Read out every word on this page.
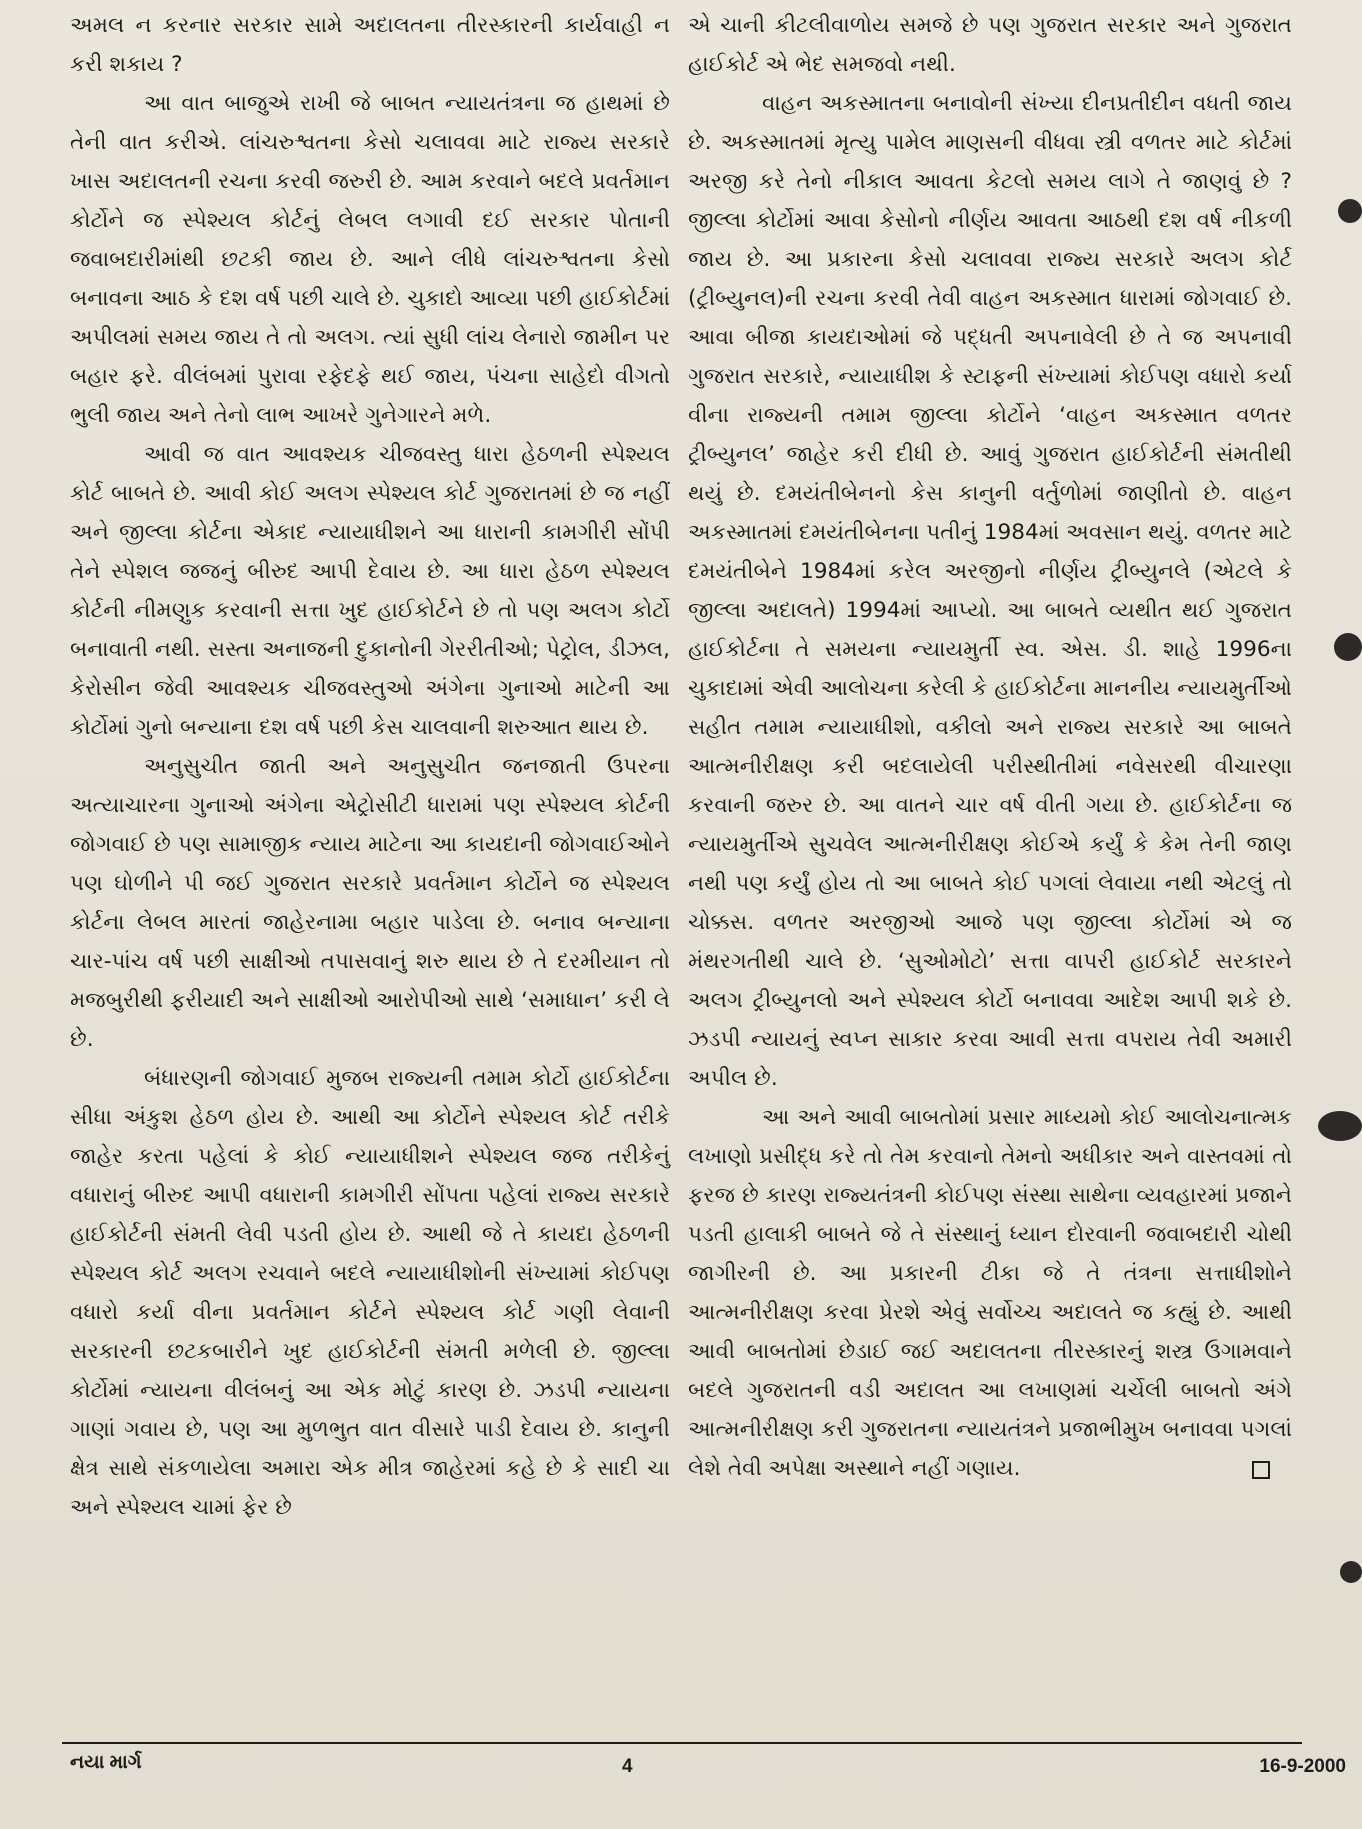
અમલ ન કરનાર સરકાર સામે અદાલતના તીરસ્કારની કાર્યવાહી ન કરી શકાય ?

આ વાત બાજુએ રાખી જે બાબત ન્યાયતંત્રના જ હાથમાં છે તેની વાત કરીએ. લાંચરુશ્વતના કેસો ચલાવવા માટે રાજ્ય સરકારે ખાસ અદાલતની રચના કરવી જરુરી છે. આમ કરવાને બદલે પ્રવર્તમાન કોર્ટોને જ સ્પેશ્યલ કોર્ટનું લેબલ લગાવી દઈ સરકાર પોતાની જવાબદારીમાંથી છટકી જાય છે. આને લીધે લાંચરુશ્વતના કેસો બનાવના આઠ કે દશ વર્ષ પછી ચાલે છે. ચુકાદો આવ્યા પછી હાઈકોર્ટમાં અપીલમાં સમય જાય તે તો અલગ. ત્યાં સુધી લાંચ લેનારો જામીન પર બહાર ફરે. વીલંબમાં પુરાવા રફેદફે થઈ જાય, પંચના સાહેદો વીગતો ભુલી જાય અને તેનો લાભ આખરે ગુનેગારને મળે.

આવી જ વાત આવશ્યક ચીજવસ્તુ ધારા હેઠળની સ્પેશ્યલ કોર્ટ બાબતે છે. આવી કોઈ અલગ સ્પેશ્યલ કોર્ટ ગુજરાતમાં છે જ નહીં અને જીલ્લા કોર્ટના એકાદ ન્યાયાધીશને આ ધારાની કામગીરી સોંપી તેને સ્પેશલ જજનું બીરુદ આપી દેવાય છે. આ ધારા હેઠળ સ્પેશ્યલ કોર્ટની નીમણુક કરવાની સત્તા ખુદ હાઈકોર્ટને છે તો પણ અલગ કોર્ટો બનાવાતી નથી. સસ્તા અનાજની દુકાનોની ગેરરીતીઓ; પેટ્રોલ, ડીઝલ, કેરોસીન જેવી આવશ્યક ચીજવસ્તુઓ અંગેના ગુનાઓ માટેની આ કોર્ટોમાં ગુનો બન્યાના દશ વર્ષ પછી કેસ ચાલવાની શરુઆત થાય છે.

અનુસુચીત જાતી અને અનુસુચીત જનજાતી ઉપરના અત્યાચારના ગુનાઓ અંગેના એટ્રોસીટી ધારામાં પણ સ્પેશ્યલ કોર્ટની જોગવાઈ છે પણ સામાજીક ન્યાય માટેના આ કાયદાની જોગવાઈઓને પણ ઘોળીને પી જઈ ગુજરાત સરકારે પ્રવર્તમાન કોર્ટોને જ સ્પેશ્યલ કોર્ટના લેબલ મારતાં જાહેરનામા બહાર પાડેલા છે. બનાવ બન્યાના ચાર-પાંચ વર્ષ પછી સાક્ષીઓ તપાસવાનું શરુ થાય છે તે દરમીયાન તો મજબુરીથી ફરીયાદી અને સાક્ષીઓ આરોપીઓ સાથે ‘સમાધાન’ કરી લે છે.

બંધારણની જોગવાઈ મુજબ રાજ્યની તમામ કોર્ટો હાઈકોર્ટના સીધા અંકુશ હેઠળ હોય છે. આથી આ કોર્ટોને સ્પેશ્યલ કોર્ટ તરીકે જાહેર કરતા પહેલાં કે કોઈ ન્યાયાધીશને સ્પેશ્યલ જજ તરીકેનું વધારાનું બીરુદ આપી વધારાની કામગીરી સોંપતા પહેલાં રાજ્ય સરકારે હાઈકોર્ટની સંમતી લેવી પડતી હોય છે. આથી જે તે કાયદા હેઠળની સ્પેશ્યલ કોર્ટ અલગ રચવાને બદલે ન્યાયાધીશોની સંખ્યામાં કોઈપણ વધારો કર્યા વીના પ્રવર્તમાન કોર્ટને સ્પેશ્યલ કોર્ટ ગણી લેવાની સરકારની છટકબારીને ખુદ હાઈકોર્ટની સંમતી મળેલી છે. જીલ્લા કોર્ટોમાં ન્યાયના વીલંબનું આ એક મોટું કારણ છે. ઝડપી ન્યાયના ગાણાં ગવાય છે, પણ આ મુળભુત વાત વીસારે પાડી દેવાય છે. કાનુની ક્ષેત્ર સાથે સંકળાયેલા અમારા એક મીત્ર જાહેરમાં કહે છે કે સાદી ચા અને સ્પેશ્યલ ચામાં ફેર છે

એ ચાની કીટલીવાળોય સમજે છે પણ ગુજરાત સરકાર અને ગુજરાત હાઈકોર્ટ એ ભેદ સમજવો નથી.

વાહન અકસ્માતના બનાવોની સંખ્યા દીનપ્રતીદીન વધતી જાય છે. અકસ્માતમાં મૃત્યુ પામેલ માણસની વીધવા સ્ત્રી વળતર માટે કોર્ટમાં અરજી કરે તેનો નીકાલ આવતા કેટલો સમય લાગે તે જાણવું છે ? જીલ્લા કોર્ટોમાં આવા કેસોનો નીર્ણય આવતા આઠથી દશ વર્ષ નીકળી જાય છે. આ પ્રકારના કેસો ચલાવવા રાજ્ય સરકારે અલગ કોર્ટ (ટ્રીબ્યુનલ)ની રચના કરવી તેવી વાહન અકસ્માત ધારામાં જોગવાઈ છે. આવા બીજા કાયદાઓમાં જે પદ્ધતી અપનાવેલી છે તે જ અપનાવી ગુજરાત સરકારે, ન્યાયાધીશ કે સ્ટાફની સંખ્યામાં કોઈપણ વધારો કર્યા વીના રાજ્યની તમામ જીલ્લા કોર્ટોને ‘વાહન અકસ્માત વળતર ટ્રીબ્યુનલ’ જાહેર કરી દીધી છે. આવું ગુજરાત હાઈકોર્ટની સંમતીથી થયું છે. દમયંતીબેનનો કેસ કાનુની વર્તુળોમાં જાણીતો છે. વાહન અકસ્માતમાં દમયંતીબેનના પતીનું 1984માં અવસાન થયું. વળતર માટે દમયંતીબેને 1984માં કરેલ અરજીનો નીર્ણય ટ્રીબ્યુનલે (એટલે કે જીલ્લા અદાલતે) 1994માં આપ્યો. આ બાબતે વ્યથીત થઈ ગુજરાત હાઈકોર્ટના તે સમયના ન્યાયમુર્તી સ્વ. એસ. ડી. શાહે 1996ના ચુકાદામાં એવી આલોચના કરેલી કે હાઈકોર્ટના માનનીય ન્યાયમુર્તીઓ સહીત તમામ ન્યાયાધીશો, વકીલો અને રાજ્ય સરકારે આ બાબતે આત્મનીરીક્ષણ કરી બદલાયેલી પરીસ્થીતીમાં નવેસરથી વીચારણા કરવાની જરુર છે. આ વાતને ચાર વર્ષ વીતી ગયા છે. હાઈકોર્ટના જ ન્યાયમુર્તીએ સુચવેલ આત્મનીરીક્ષણ કોઈએ કર્યું કે કેમ તેની જાણ નથી પણ કર્યું હોય તો આ બાબતે કોઈ પગલાં લેવાયા નથી એટલું તો ચોક્કસ. વળતર અરજીઓ આજે પણ જીલ્લા કોર્ટોમાં એ જ મંથરગતીથી ચાલે છે. ‘સુઓમોટો’ સત્તા વાપરી હાઈકોર્ટ સરકારને અલગ ટ્રીબ્યુનલો અને સ્પેશ્યલ કોર્ટો બનાવવા આદેશ આપી શકે છે. ઝડપી ન્યાયનું સ્વપ્ન સાકાર કરવા આવી સત્તા વપરાય તેવી અમારી અપીલ છે.

આ અને આવી બાબતોમાં પ્રસાર માધ્યમો કોઈ આલોચનાત્મક લખાણો પ્રસીદ્ધ કરે તો તેમ કરવાનો તેમનો અધીકાર અને વાસ્તવમાં તો ફરજ છે કારણ રાજ્યતંત્રની કોઈપણ સંસ્થા સાથેના વ્યવહારમાં પ્રજાને પડતી હાલાકી બાબતે જે તે સંસ્થાનું ધ્યાન દોરવાની જવાબદારી ચોથી જાગીરની છે. આ પ્રકારની ટીકા જે તે તંત્રના સત્તાધીશોને આત્મનીરીક્ષણ કરવા પ્રેરશે એવું સર્વોચ્ચ અદાલતે જ કહ્યું છે. આથી આવી બાબતોમાં છેડાઈ જઈ અદાલતના તીરસ્કારનું શસ્ત્ર ઉગામવાને બદલે ગુજરાતની વડી અદાલત આ લખાણમાં ચર્ચેલી બાબતો અંગે આત્મનીરીક્ષણ કરી ગુજરાતના ન્યાયતંત્રને પ્રજાભીમુખ બનાવવા પગલાં લેશે તેવી અપેક્ષા અસ્થાને નહીં ગણાય.

નયા માર્ગ	4	16-9-2000
